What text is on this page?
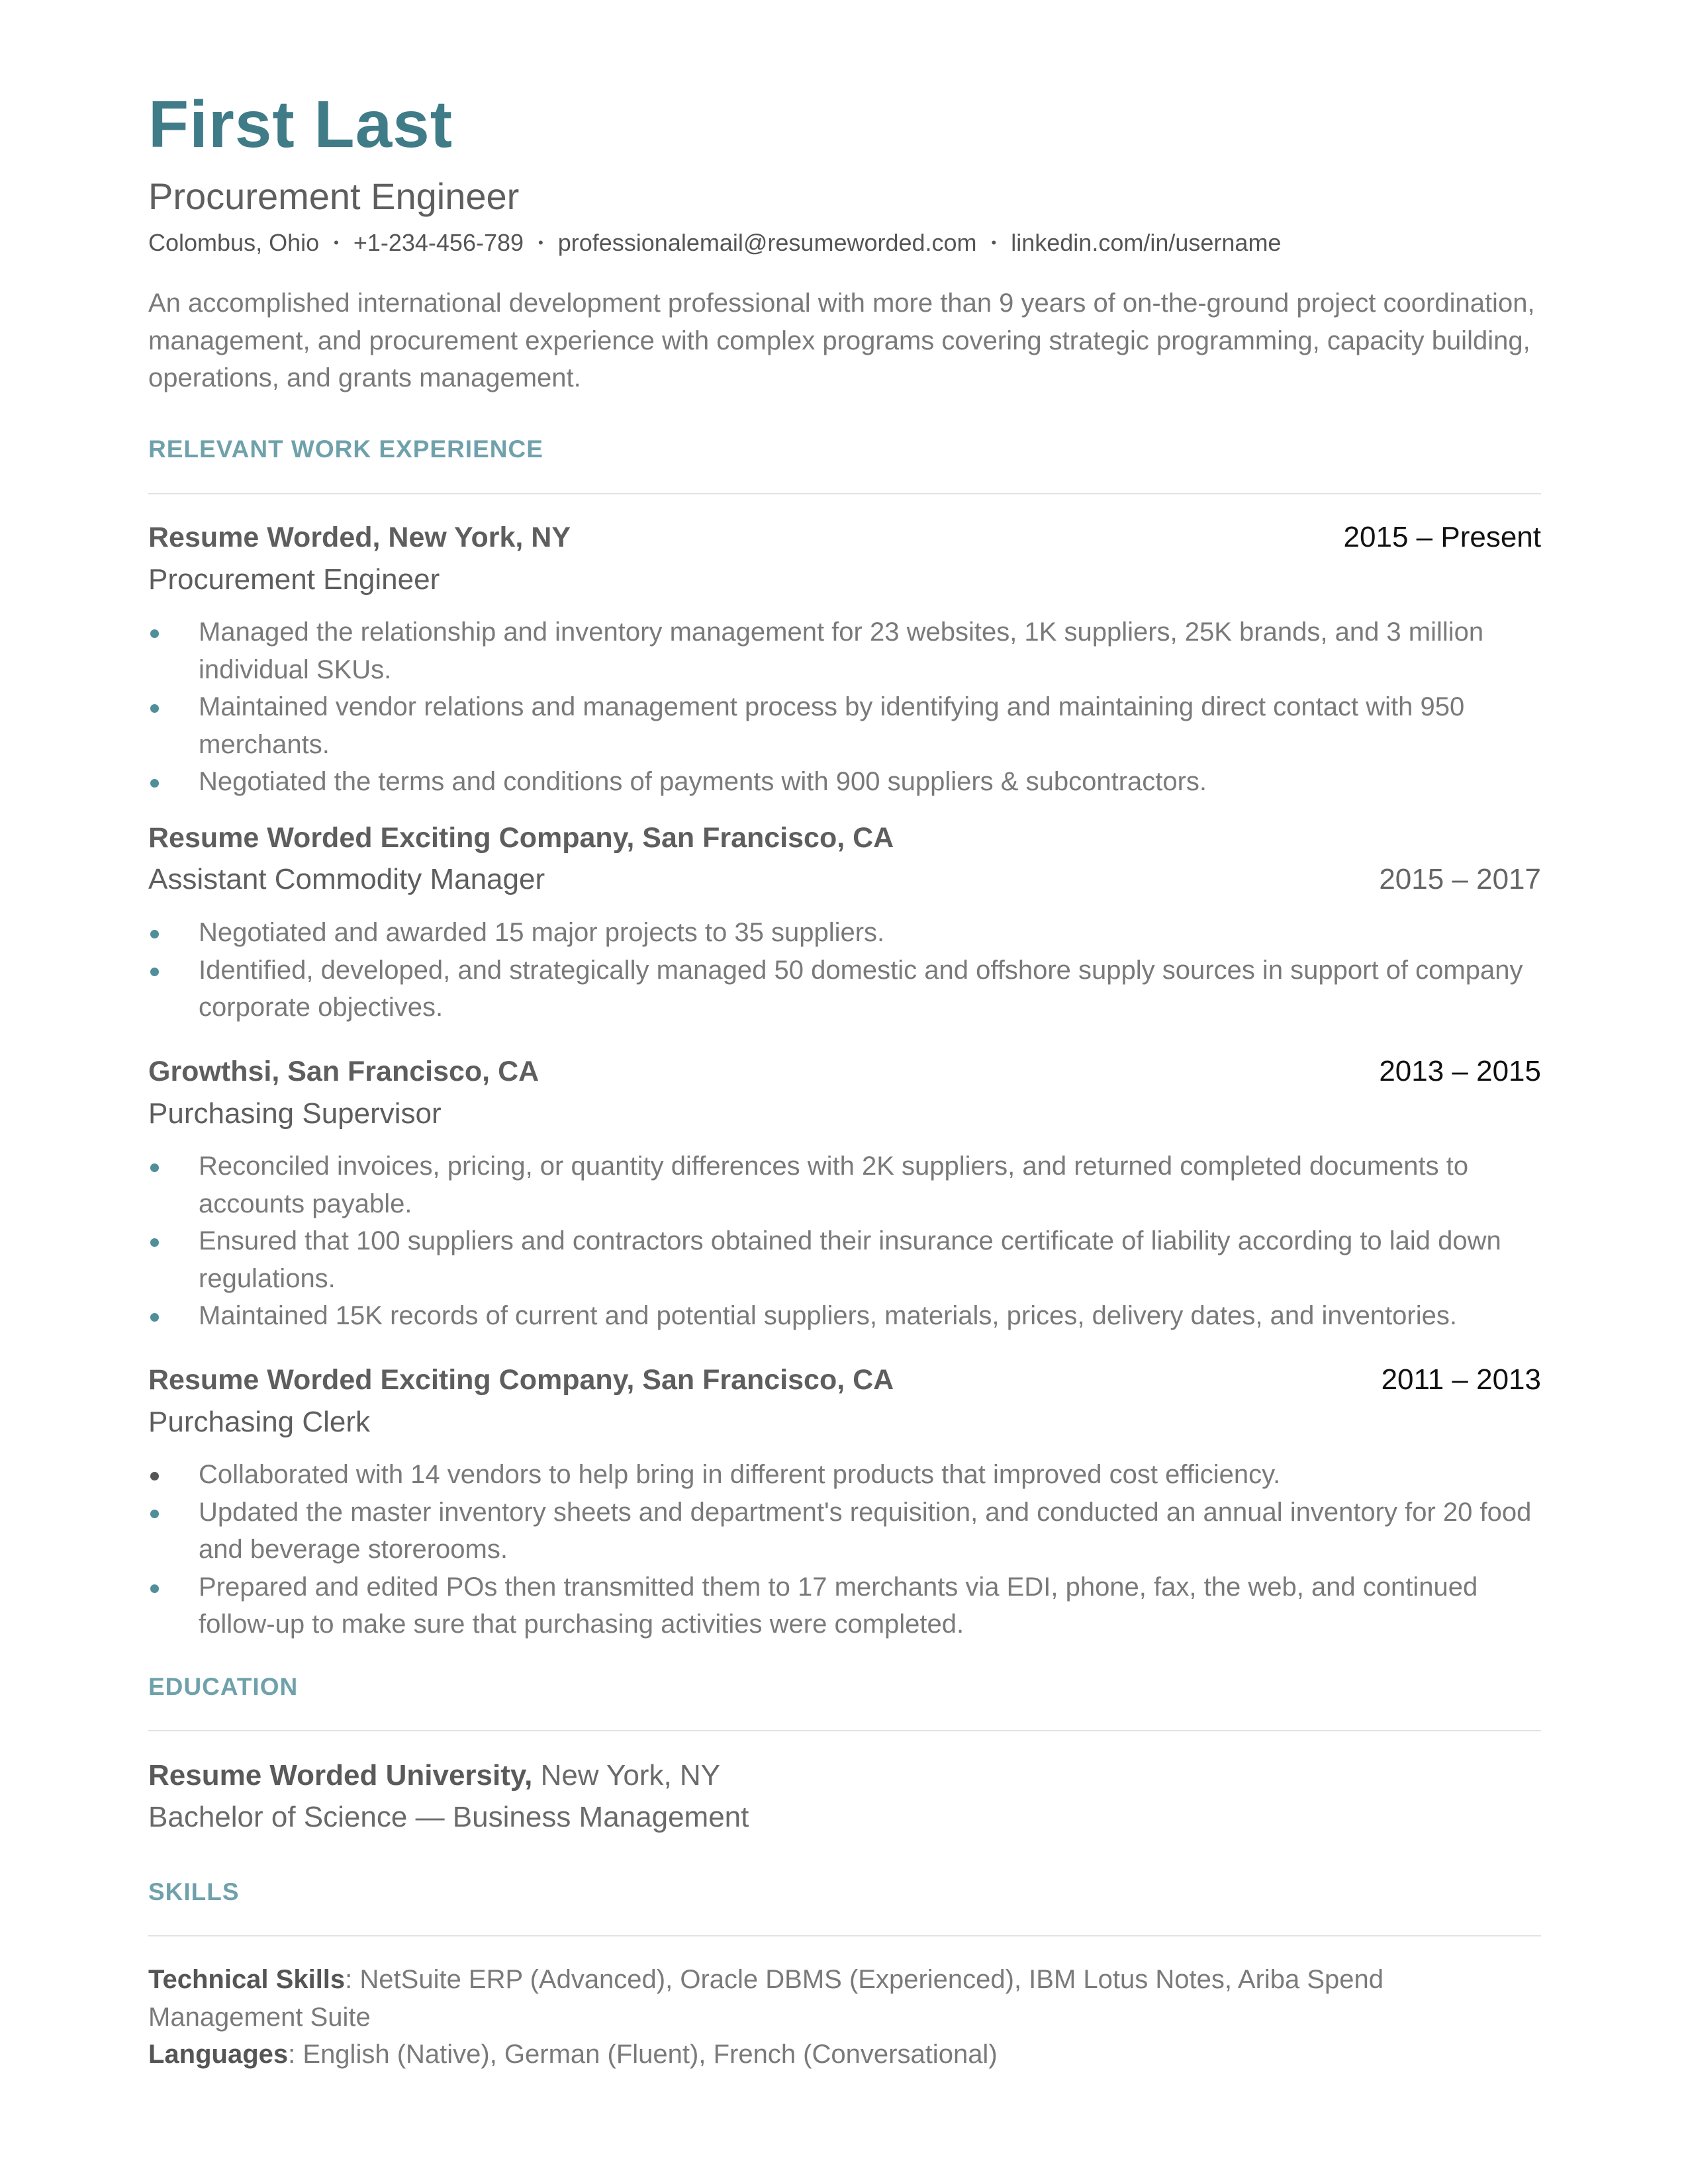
First Last
Procurement Engineer
Colombus, Ohio • +1-234-456-789 • professionalemail@resumeworded.com • linkedin.com/in/username
An accomplished international development professional with more than 9 years of on-the-ground project coordination, management, and procurement experience with complex programs covering strategic programming, capacity building, operations, and grants management.
RELEVANT WORK EXPERIENCE
Resume Worded, New York, NY	2015 – Present
Procurement Engineer
Managed the relationship and inventory management for 23 websites, 1K suppliers, 25K brands, and 3 million individual SKUs.
Maintained vendor relations and management process by identifying and maintaining direct contact with 950 merchants.
Negotiated the terms and conditions of payments with 900 suppliers & subcontractors.
Resume Worded Exciting Company, San Francisco, CA
Assistant Commodity Manager	2015 – 2017
Negotiated and awarded 15 major projects to 35 suppliers.
Identified, developed, and strategically managed 50 domestic and offshore supply sources in support of company corporate objectives.
Growthsi, San Francisco, CA	2013 – 2015
Purchasing Supervisor
Reconciled invoices, pricing, or quantity differences with 2K suppliers, and returned completed documents to accounts payable.
Ensured that 100 suppliers and contractors obtained their insurance certificate of liability according to laid down regulations.
Maintained 15K records of current and potential suppliers, materials, prices, delivery dates, and inventories.
Resume Worded Exciting Company, San Francisco, CA	2011 – 2013
Purchasing Clerk
Collaborated with 14 vendors to help bring in different products that improved cost efficiency.
Updated the master inventory sheets and department's requisition, and conducted an annual inventory for 20 food and beverage storerooms.
Prepared and edited POs then transmitted them to 17 merchants via EDI, phone, fax, the web, and continued follow-up to make sure that purchasing activities were completed.
EDUCATION
Resume Worded University, New York, NY
Bachelor of Science — Business Management
SKILLS
Technical Skills: NetSuite ERP (Advanced), Oracle DBMS (Experienced), IBM Lotus Notes, Ariba Spend Management Suite
Languages: English (Native), German (Fluent), French (Conversational)
